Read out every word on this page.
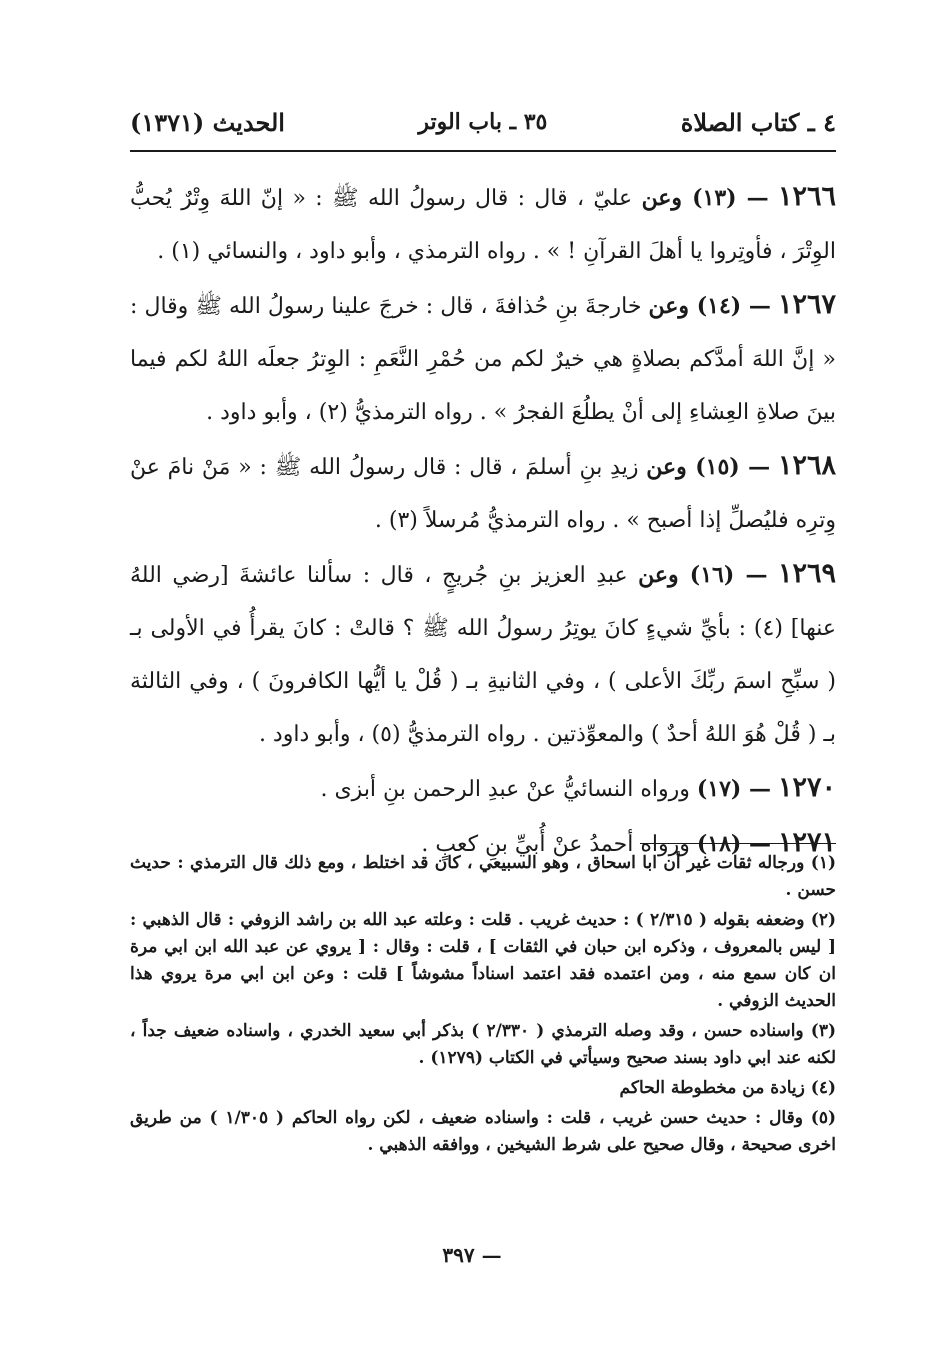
٤ ـ كتاب الصلاة
٣٥ ـ باب الوتر
الحديث (١٣٧١)

١٢٦٦ — (١٣) وعن عليّ ، قال : قال رسولُ الله ﷺ : « إنّ اللهَ وِتْرٌ يُحبُّ الوِتْرَ ، فأوتِروا يا أهلَ القرآنِ ! » . رواه الترمذي ، وأبو داود ، والنسائي (١) .

١٢٦٧ — (١٤) وعن خارجةَ بنِ حُذافةَ ، قال : خرجَ علينا رسولُ الله ﷺ وقال : « إنَّ اللهَ أمدَّكم بصلاةٍ هي خيرٌ لكم من حُمْرِ النَّعَمِ : الوِترُ جعلَه اللهُ لكم فيما بينَ صلاةِ العِشاءِ إلى أنْ يطلُعَ الفجرُ » . رواه الترمذيُّ (٢) ، وأبو داود .

١٢٦٨ — (١٥) وعن زيدِ بنِ أسلمَ ، قال : قال رسولُ الله ﷺ : « مَنْ نامَ عنْ وِترِه فليُصلِّ إذا أصبح » . رواه الترمذيُّ مُرسلاً (٣) .

١٢٦٩ — (١٦) وعن عبدِ العزيز بنِ جُريجٍ ، قال : سألنا عائشةَ [رضي اللهُ عنها] (٤) : بأيِّ شيءٍ كانَ يوتِرُ رسولُ الله ﷺ ؟ قالتْ : كانَ يقرأُ في الأولى بـ ( سبِّحِ اسمَ ربِّكَ الأعلى ) ، وفي الثانيةِ بـ ( قُلْ يا أيُّها الكافرونَ ) ، وفي الثالثة بـ ( قُلْ هُوَ اللهُ أحدٌ ) والمعوِّذتين . رواه الترمذيُّ (٥) ، وأبو داود .

١٢٧٠ — (١٧) ورواه النسائيُّ عنْ عبدِ الرحمن بنِ أبزى .

١٢٧١ — (١٨) ورواه أحمدُ عنْ أُبيِّ بنِ كعبٍ .

(١) ورجاله ثقات غير أن ابا اسحاق ، وهو السبيعي ، كان قد اختلط ، ومع ذلك قال الترمذي : حديث حسن .

(٢) وضعفه بقوله ( ٢/٣١٥ ) : حديث غريب . قلت : وعلته عبد الله بن راشد الزوفي : قال الذهبي : [ ليس بالمعروف ، وذكره ابن حبان في الثقات ] ، قلت : وقال : [ يروي عن عبد الله ابن ابي مرة ان كان سمع منه ، ومن اعتمده فقد اعتمد اسناداً مشوشاً ] قلت : وعن ابن ابي مرة يروي هذا الحديث الزوفي .

(٣) واسناده حسن ، وقد وصله الترمذي ( ٢/٣٣٠ ) بذكر أبي سعيد الخدري ، واسناده ضعيف جداً ، لكنه عند ابي داود بسند صحيح وسيأتي في الكتاب (١٢٧٩) .

(٤) زيادة من مخطوطة الحاكم

(٥) وقال : حديث حسن غريب ، قلت : واسناده ضعيف ، لكن رواه الحاكم ( ١/٣٠٥ ) من طريق اخرى صحيحة ، وقال صحيح على شرط الشيخين ، ووافقه الذهبي .

— ٣٩٧
